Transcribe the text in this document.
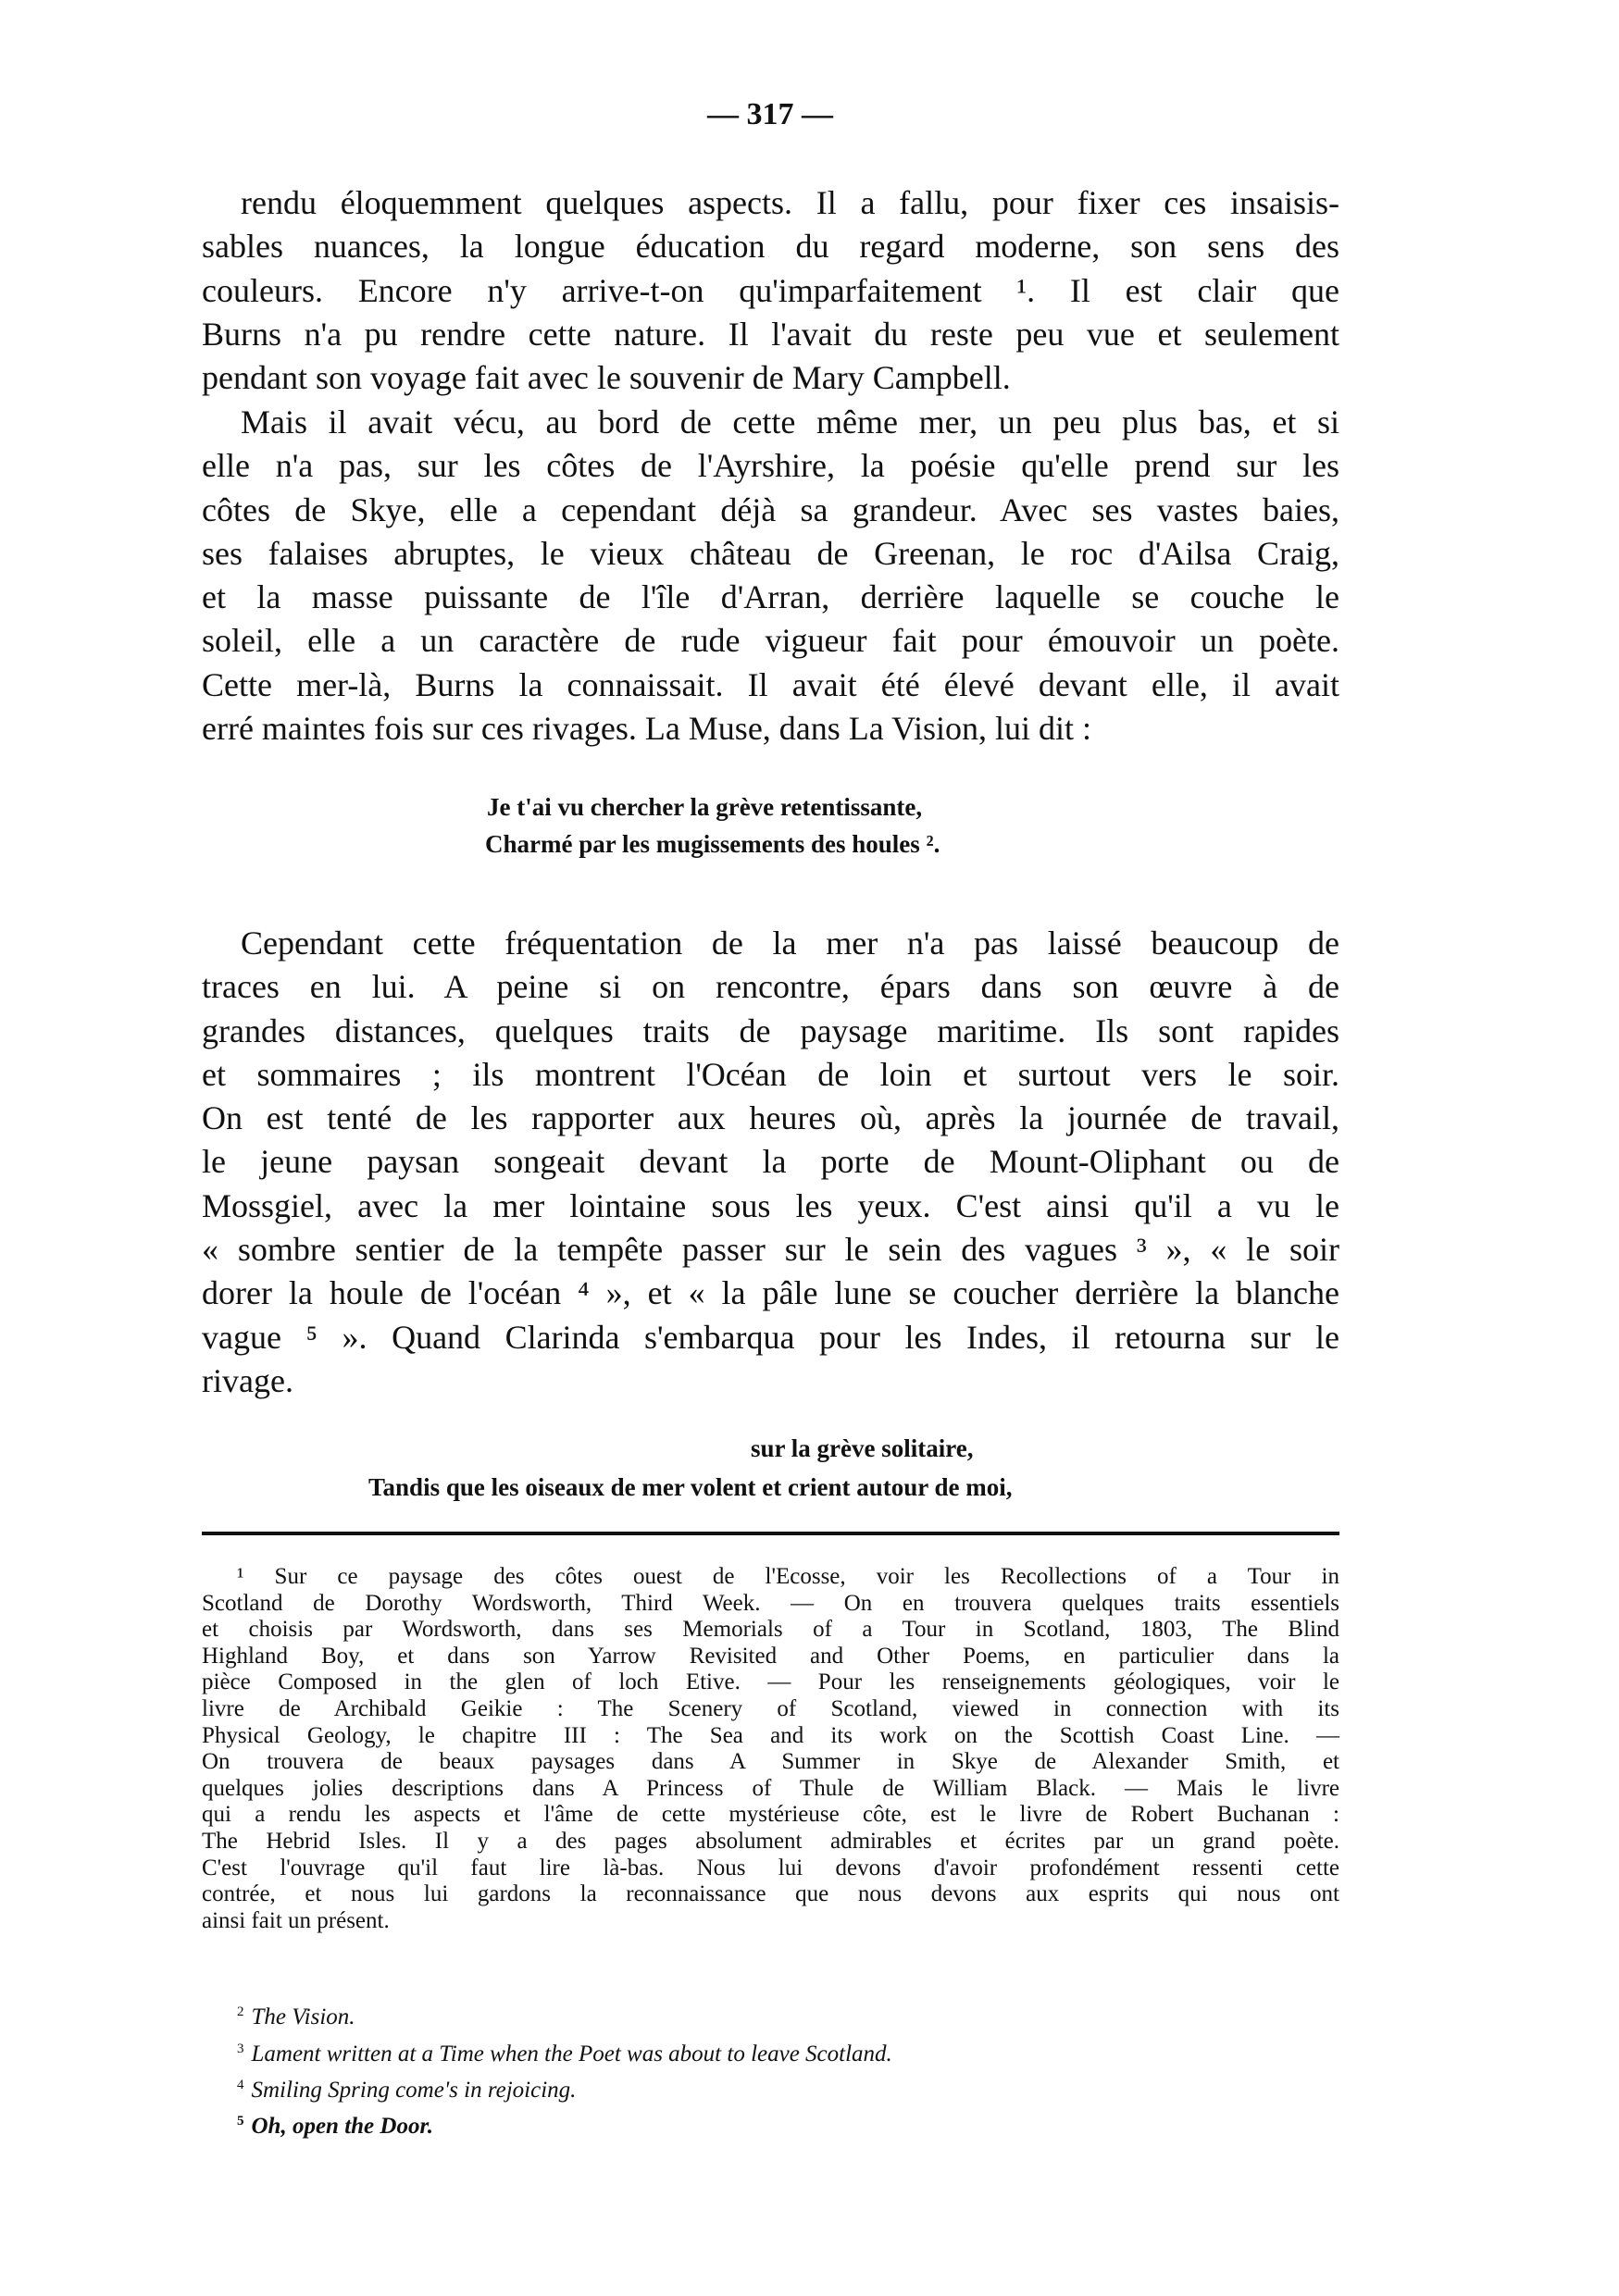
— 317 —
rendu éloquemment quelques aspects. Il a fallu, pour fixer ces insaisis-
sables nuances, la longue éducation du regard moderne, son sens des
couleurs. Encore n'y arrive-t-on qu'imparfaitement ¹. Il est clair que
Burns n'a pu rendre cette nature. Il l'avait du reste peu vue et seulement
pendant son voyage fait avec le souvenir de Mary Campbell.
Mais il avait vécu, au bord de cette même mer, un peu plus bas, et si
elle n'a pas, sur les côtes de l'Ayrshire, la poésie qu'elle prend sur les
côtes de Skye, elle a cependant déjà sa grandeur. Avec ses vastes baies,
ses falaises abruptes, le vieux château de Greenan, le roc d'Ailsa Craig,
et la masse puissante de l'île d'Arran, derrière laquelle se couche le
soleil, elle a un caractère de rude vigueur fait pour émouvoir un poète.
Cette mer-là, Burns la connaissait. Il avait été élevé devant elle, il avait
erré maintes fois sur ces rivages. La Muse, dans La Vision, lui dit :
Je t'ai vu chercher la grève retentissante,
Charmé par les mugissements des houles ².
Cependant cette fréquentation de la mer n'a pas laissé beaucoup de
traces en lui. A peine si on rencontre, épars dans son œuvre à de
grandes distances, quelques traits de paysage maritime. Ils sont rapides
et sommaires ; ils montrent l'Océan de loin et surtout vers le soir.
On est tenté de les rapporter aux heures où, après la journée de travail,
le jeune paysan songeait devant la porte de Mount-Oliphant ou de
Mossgiel, avec la mer lointaine sous les yeux. C'est ainsi qu'il a vu le
« sombre sentier de la tempête passer sur le sein des vagues ³ », « le soir
dorer la houle de l'océan ⁴ », et « la pâle lune se coucher derrière la blanche
vague ⁵ ». Quand Clarinda s'embarqua pour les Indes, il retourna sur le
rivage.
sur la grève solitaire,
Tandis que les oiseaux de mer volent et crient autour de moi,
¹ Sur ce paysage des côtes ouest de l'Ecosse, voir les Recollections of a Tour in
Scotland de Dorothy Wordsworth, Third Week. — On en trouvera quelques traits essentiels
et choisis par Wordsworth, dans ses Memorials of a Tour in Scotland, 1803, The Blind
Highland Boy, et dans son Yarrow Revisited and Other Poems, en particulier dans la
pièce Composed in the glen of loch Etive. — Pour les renseignements géologiques, voir le
livre de Archibald Geikie : The Scenery of Scotland, viewed in connection with its
Physical Geology, le chapitre III : The Sea and its work on the Scottish Coast Line. —
On trouvera de beaux paysages dans A Summer in Skye de Alexander Smith, et
quelques jolies descriptions dans A Princess of Thule de William Black. — Mais le livre
qui a rendu les aspects et l'âme de cette mystérieuse côte, est le livre de Robert Buchanan :
The Hebrid Isles. Il y a des pages absolument admirables et écrites par un grand poète.
C'est l'ouvrage qu'il faut lire là-bas. Nous lui devons d'avoir profondément ressenti cette
contrée, et nous lui gardons la reconnaissance que nous devons aux esprits qui nous ont
ainsi fait un présent.
$^2$ The Vision.
$^3$ Lament written at a Time when the Poet was about to leave Scotland.
$^4$ Smiling Spring come's in rejoicing.
$^5$ Oh, open the Door.
